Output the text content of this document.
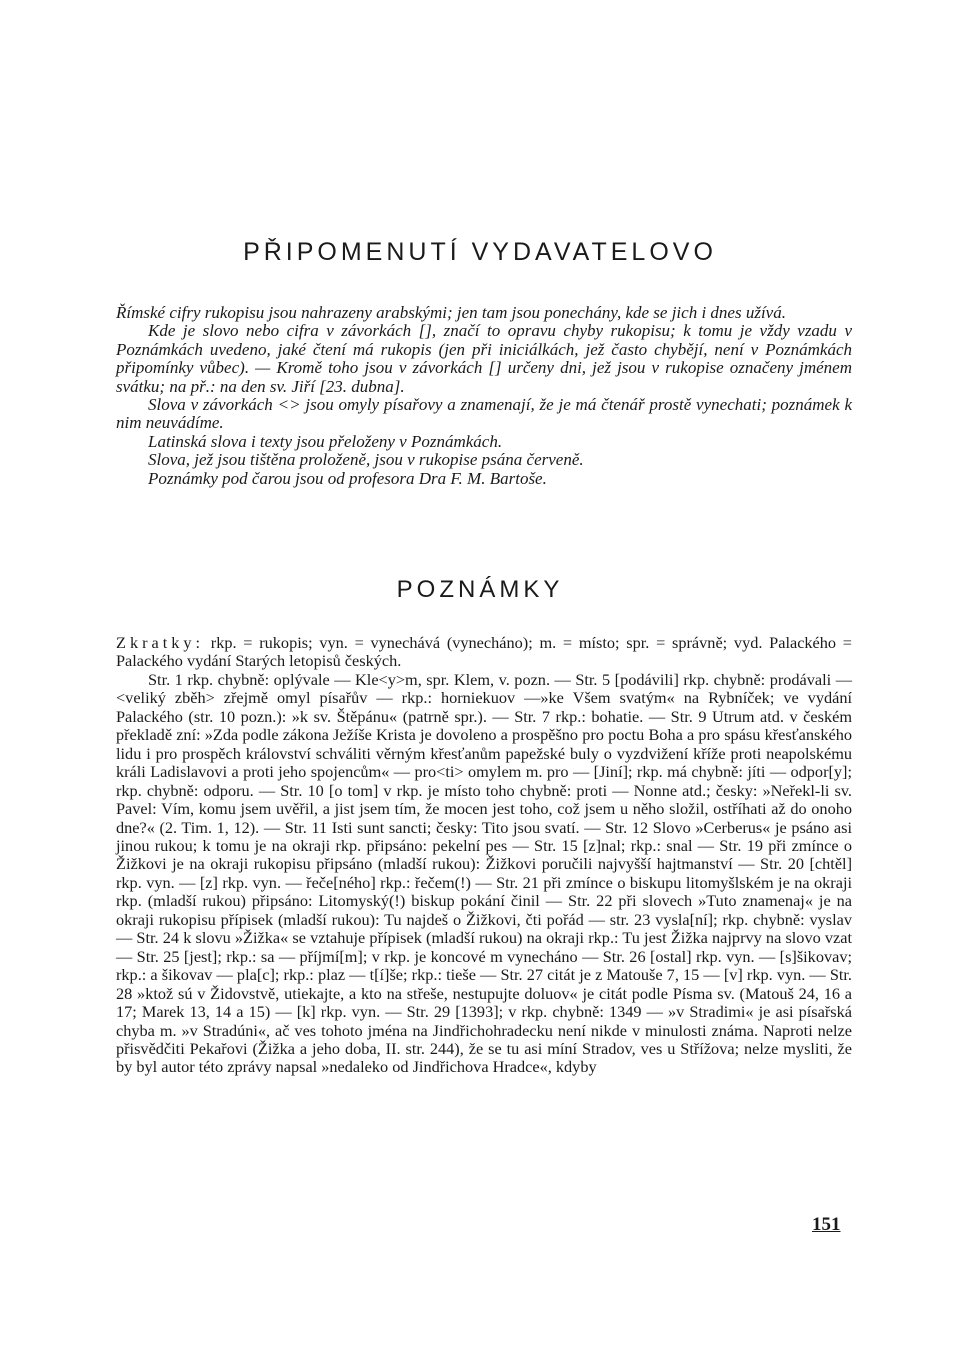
PŘIPOMENUTÍ VYDAVATELOVO

Římské cifry rukopisu jsou nahrazeny arabskými; jen tam jsou ponechány, kde se jich i dnes užívá.

Kde je slovo nebo cifra v závorkách [], značí to opravu chyby rukopisu; k tomu je vždy vzadu v Poznámkách uvedeno, jaké čtení má rukopis (jen při iniciálkách, jež často chybějí, není v Poznámkách připomínky vůbec). — Kromě toho jsou v závorkách [] určeny dni, jež jsou v rukopise označeny jménem svátku; na př.: na den sv. Jiří [23. dubna].

Slova v závorkách <> jsou omyly písařovy a znamenají, že je má čtenář prostě vynechati; poznámek k nim neuvádíme.

Latinská slova i texty jsou přeloženy v Poznámkách.

Slova, jež jsou tištěna proloženě, jsou v rukopise psána červeně.

Poznámky pod čarou jsou od profesora Dra F. M. Bartoše.

POZNÁMKY

Zkratky: rkp. = rukopis; vyn. = vynechává (vynecháno); m. = místo; spr. = správně; vyd. Palackého = Palackého vydání Starých letopisů českých.

Str. 1 rkp. chybně: oplývale — Kle<y>m, spr. Klem, v. pozn. — Str. 5 [podávili] rkp. chybně: prodávali — <veliký zběh> zřejmě omyl písařův — rkp.: horniekuov —»ke Všem svatým« na Rybníček; ve vydání Palackého (str. 10 pozn.): »k sv. Štěpánu« (patrně spr.). — Str. 7 rkp.: bohatie. — Str. 9 Utrum atd. v českém překladě zní: »Zda podle zákona Ježíše Krista je dovoleno a prospěšno pro poctu Boha a pro spásu křesťanského lidu i pro prospěch království schváliti věrným křesťanům papežské buly o vyzdvižení kříže proti neapolskému králi Ladislavovi a proti jeho spojencům« — pro<ti> omylem m. pro — [Jiní]; rkp. má chybně: jíti — odpor[y]; rkp. chybně: odporu. — Str. 10 [o tom] v rkp. je místo toho chybně: proti — Nonne atd.; česky: »Neřekl-li sv. Pavel: Vím, komu jsem uvěřil, a jist jsem tím, že mocen jest toho, což jsem u něho složil, ostříhati až do onoho dne?« (2. Tim. 1, 12). — Str. 11 Isti sunt sancti; česky: Tito jsou svatí. — Str. 12 Slovo »Cerberus« je psáno asi jinou rukou; k tomu je na okraji rkp. připsáno: pekelní pes — Str. 15 [z]nal; rkp.: snal — Str. 19 při zmínce o Žižkovi je na okraji rukopisu připsáno (mladší rukou): Žižkovi poručili najvyšší hajtmanství — Str. 20 [chtěl] rkp. vyn. — [z] rkp. vyn. — řeče[ného] rkp.: řečem(!) — Str. 21 při zmínce o biskupu litomyšlském je na okraji rkp. (mladší rukou) připsáno: Litomyský(!) biskup pokání činil — Str. 22 při slovech »Tuto znamenaj« je na okraji rukopisu přípisek (mladší rukou): Tu najdeš o Žižkovi, čti pořád — str. 23 vysla[ní]; rkp. chybně: vyslav — Str. 24 k slovu »Žižka« se vztahuje přípisek (mladší rukou) na okraji rkp.: Tu jest Žižka najprvy na slovo vzat — Str. 25 [jest]; rkp.: sa — příjmí[m]; v rkp. je koncové m vynecháno — Str. 26 [ostal] rkp. vyn. — [s]šikovav; rkp.: a šikovav — pla[c]; rkp.: plaz — t[í]še; rkp.: tieše — Str. 27 citát je z Matouše 7, 15 — [v] rkp. vyn. — Str. 28 »ktož sú v Židovstvě, utiekajte, a kto na střeše, nestupujte doluov« je citát podle Písma sv. (Matouš 24, 16 a 17; Marek 13, 14 a 15) — [k] rkp. vyn. — Str. 29 [1393]; v rkp. chybně: 1349 — »v Stradimi« je asi písařská chyba m. »v Stradúni«, ač ves tohoto jména na Jindřichohradecku není nikde v minulosti známa. Naproti nelze přisvědčiti Pekařovi (Žižka a jeho doba, II. str. 244), že se tu asi míní Stradov, ves u Střížova; nelze mysliti, že by byl autor této zprávy napsal »nedaleko od Jindřichova Hradce«, kdyby

151
